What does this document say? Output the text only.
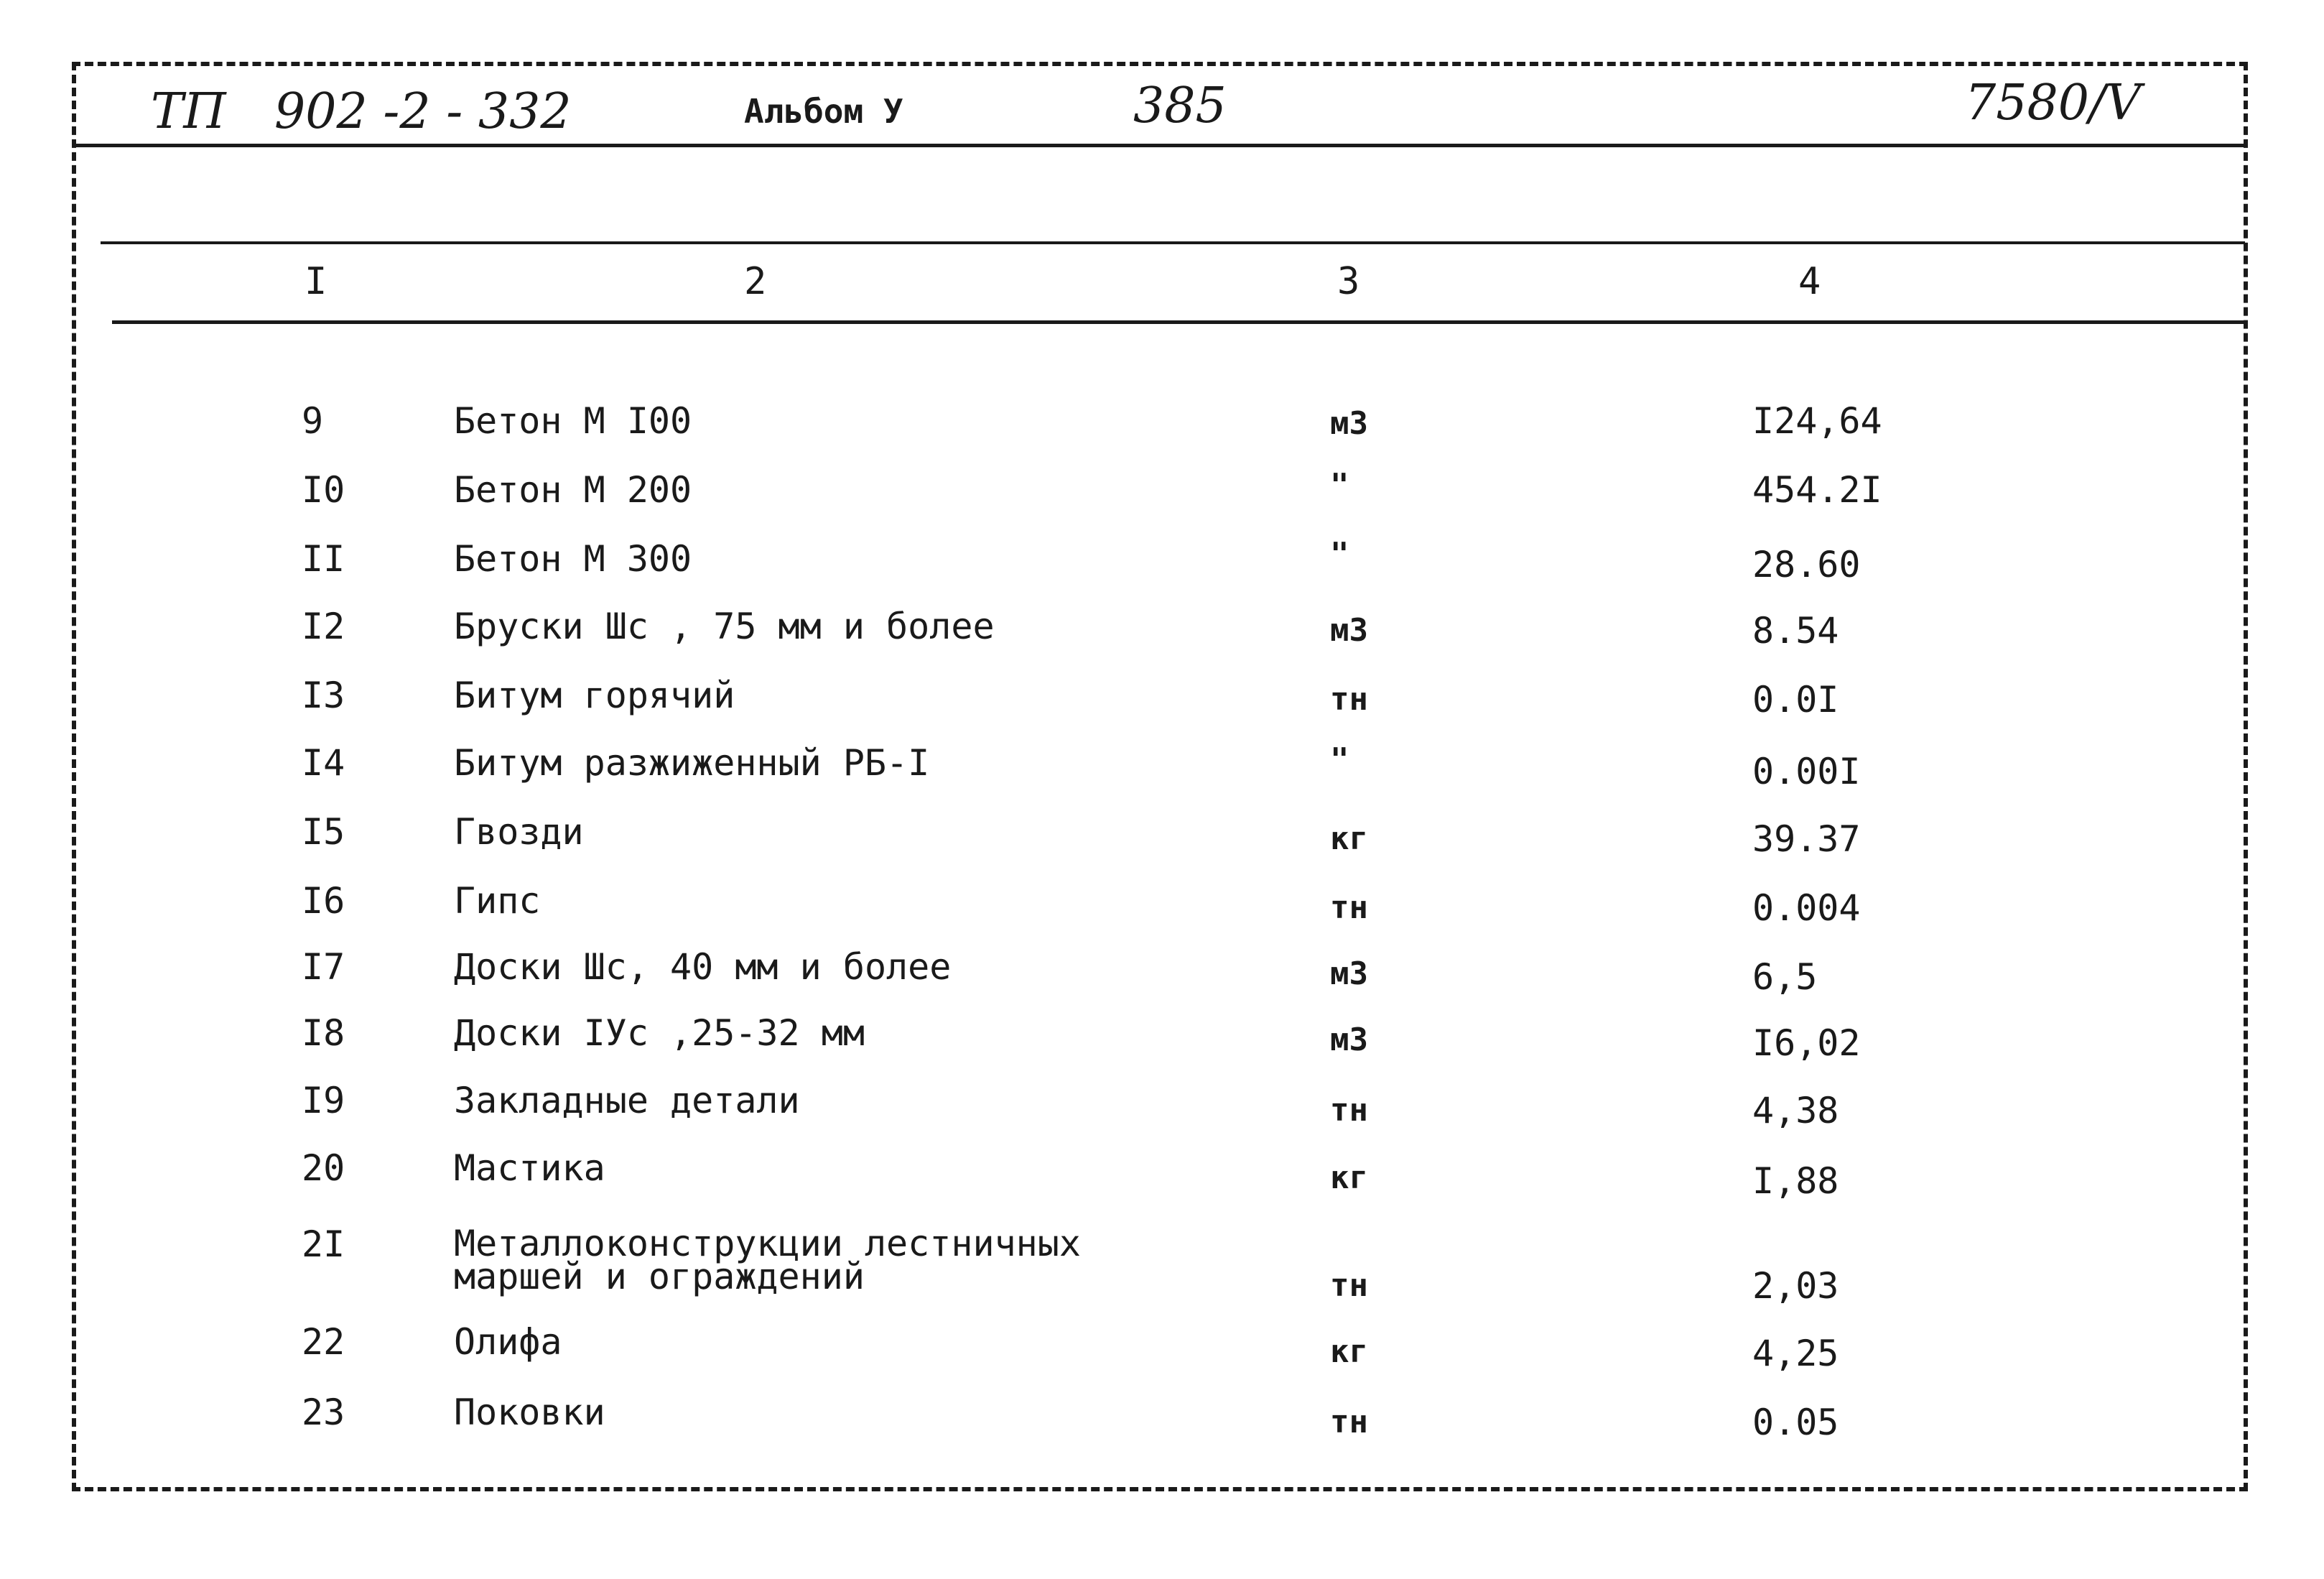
ТП 902 -2 - 332	Альбом У	385	7580/V
I	2	3	4
9	Бетон М I00	м3	I24,64
I0	Бетон М 200	"	454.2I
II	Бетон М 300	"	28.60
I2	Бруски Шс , 75 мм и более	м3	8.54
I3	Битум горячий	тн	0.0I
I4	Битум разжиженный РБ-I	"	0.00I
I5	Гвозди	кг	39.37
I6	Гипс	тн	0.004
I7	Доски Шс, 40 мм и более	м3	6,5
I8	Доски IУс ,25-32 мм	м3	I6,02
I9	Закладные детали	тн	4,38
20	Мастика	кг	I,88
2I	Металлоконструкции лестничных
маршей и ограждений	тн	2,03
22	Олифа	кг	4,25
23	Поковки	тн	0.05
